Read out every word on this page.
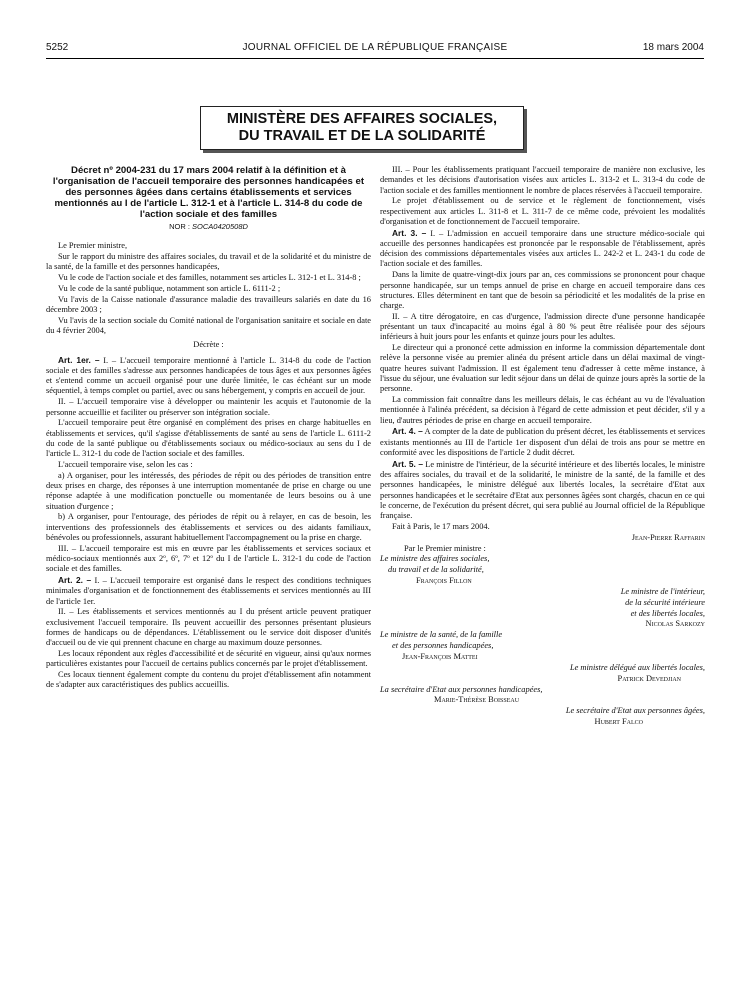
5252	JOURNAL OFFICIEL DE LA RÉPUBLIQUE FRANÇAISE	18 mars 2004
MINISTÈRE DES AFFAIRES SOCIALES,
DU TRAVAIL ET DE LA SOLIDARITÉ
Décret nº 2004-231 du 17 mars 2004 relatif à la définition et à l'organisation de l'accueil temporaire des personnes handicapées et des personnes âgées dans certains établissements et services mentionnés au I de l'article L. 312-1 et à l'article L. 314-8 du code de l'action sociale et des familles
NOR : SOCA0420508D

Le Premier ministre,

Sur le rapport du ministre des affaires sociales, du travail et de la solidarité et du ministre de la santé, de la famille et des personnes handicapées,

Vu le code de l'action sociale et des familles, notamment ses articles L. 312-1 et L. 314-8 ;

Vu le code de la santé publique, notamment son article L. 6111-2 ;

Vu l'avis de la Caisse nationale d'assurance maladie des travailleurs salariés en date du 16 décembre 2003 ;

Vu l'avis de la section sociale du Comité national de l'organisation sanitaire et sociale en date du 4 février 2004,

Décrète :

Art. 1er. – I. – L'accueil temporaire mentionné à l'article L. 314-8 du code de l'action sociale et des familles s'adresse aux personnes handicapées de tous âges et aux personnes âgées et s'entend comme un accueil organisé pour une durée limitée, le cas échéant sur un mode séquentiel, à temps complet ou partiel, avec ou sans hébergement, y compris en accueil de jour.

II. – L'accueil temporaire vise à développer ou maintenir les acquis et l'autonomie de la personne accueillie et faciliter ou préserver son intégration sociale.

L'accueil temporaire peut être organisé en complément des prises en charge habituelles en établissements et services, qu'il s'agisse d'établissements de santé au sens de l'article L. 6111-2 du code de la santé publique ou d'établissements sociaux ou médico-sociaux au sens du I de l'article L. 312-1 du code de l'action sociale et des familles.

L'accueil temporaire vise, selon les cas :

a) A organiser, pour les intéressés, des périodes de répit ou des périodes de transition entre deux prises en charge, des réponses à une interruption momentanée de prise en charge ou une réponse adaptée à une modification ponctuelle ou momentanée de leurs besoins ou à une situation d'urgence ;

b) A organiser, pour l'entourage, des périodes de répit ou à relayer, en cas de besoin, les interventions des professionnels des établissements et services ou des aidants familiaux, bénévoles ou professionnels, assurant habituellement l'accompagnement ou la prise en charge.

III. – L'accueil temporaire est mis en œuvre par les établissements et services sociaux et médico-sociaux mentionnés aux 2º, 6º, 7º et 12º du I de l'article L. 312-1 du code de l'action sociale et des familles.

Art. 2. – I. – L'accueil temporaire est organisé dans le respect des conditions techniques minimales d'organisation et de fonctionnement des établissements et services mentionnés au III de l'article 1er.

II. – Les établissements et services mentionnés au I du présent article peuvent pratiquer exclusivement l'accueil temporaire. Ils peuvent accueillir des personnes présentant plusieurs formes de handicaps ou de dépendances. L'établissement ou le service doit disposer d'unités d'accueil ou de vie qui prennent chacune en charge au maximum douze personnes.

Les locaux répondent aux règles d'accessibilité et de sécurité en vigueur, ainsi qu'aux normes particulières existantes pour l'accueil de certains publics concernés par le projet d'établissement.

Ces locaux tiennent également compte du contenu du projet d'établissement afin notamment de s'adapter aux caractéristiques des publics accueillis.

III. – Pour les établissements pratiquant l'accueil temporaire de manière non exclusive, les demandes et les décisions d'autorisation visées aux articles L. 313-2 et L. 313-4 du code de l'action sociale et des familles mentionnent le nombre de places réservées à l'accueil temporaire.

Le projet d'établissement ou de service et le règlement de fonctionnement, visés respectivement aux articles L. 311-8 et L. 311-7 de ce même code, prévoient les modalités d'organisation et de fonctionnement de l'accueil temporaire.

Art. 3. – I. – L'admission en accueil temporaire dans une structure médico-sociale qui accueille des personnes handicapées est prononcée par le responsable de l'établissement, après décision des commissions départementales visées aux articles L. 242-2 et L. 243-1 du code de l'action sociale et des familles.

Dans la limite de quatre-vingt-dix jours par an, ces commissions se prononcent pour chaque personne handicapée, sur un temps annuel de prise en charge en accueil temporaire dans ces structures. Elles déterminent en tant que de besoin sa périodicité et les modalités de la prise en charge.

II. – A titre dérogatoire, en cas d'urgence, l'admission directe d'une personne handicapée présentant un taux d'incapacité au moins égal à 80 % peut être réalisée pour des séjours inférieurs à huit jours pour les enfants et quinze jours pour les adultes.

Le directeur qui a prononcé cette admission en informe la commission départementale dont relève la personne visée au premier alinéa du présent article dans un délai maximal de vingt-quatre heures suivant l'admission. Il est également tenu d'adresser à cette même instance, à l'issue du séjour, une évaluation sur ledit séjour dans un délai de quinze jours après la sortie de la personne.

La commission fait connaître dans les meilleurs délais, le cas échéant au vu de l'évaluation mentionnée à l'alinéa précédent, sa décision à l'égard de cette admission et peut décider, s'il y a lieu, d'autres périodes de prise en charge en accueil temporaire.

Art. 4. – A compter de la date de publication du présent décret, les établissements et services existants mentionnés au III de l'article 1er disposent d'un délai de trois ans pour se mettre en conformité avec les dispositions de l'article 2 dudit décret.

Art. 5. – Le ministre de l'intérieur, de la sécurité intérieure et des libertés locales, le ministre des affaires sociales, du travail et de la solidarité, le ministre de la santé, de la famille et des personnes handicapées, le ministre délégué aux libertés locales, la secrétaire d'Etat aux personnes handicapées et le secrétaire d'Etat aux personnes âgées sont chargés, chacun en ce qui le concerne, de l'exécution du présent décret, qui sera publié au Journal officiel de la République française.

Fait à Paris, le 17 mars 2004.

Jean-Pierre Raffarin

Par le Premier ministre :

Le ministre des affaires sociales,

du travail et de la solidarité,

François Fillon

Le ministre de l'intérieur,

de la sécurité intérieure

et des libertés locales,

Nicolas Sarkozy

Le ministre de la santé, de la famille

et des personnes handicapées,

Jean-François Mattei

Le ministre délégué aux libertés locales,

Patrick Devedjian

La secrétaire d'Etat aux personnes handicapées,

Marie-Thérèse Boisseau

Le secrétaire d'Etat aux personnes âgées,

Hubert Falco
